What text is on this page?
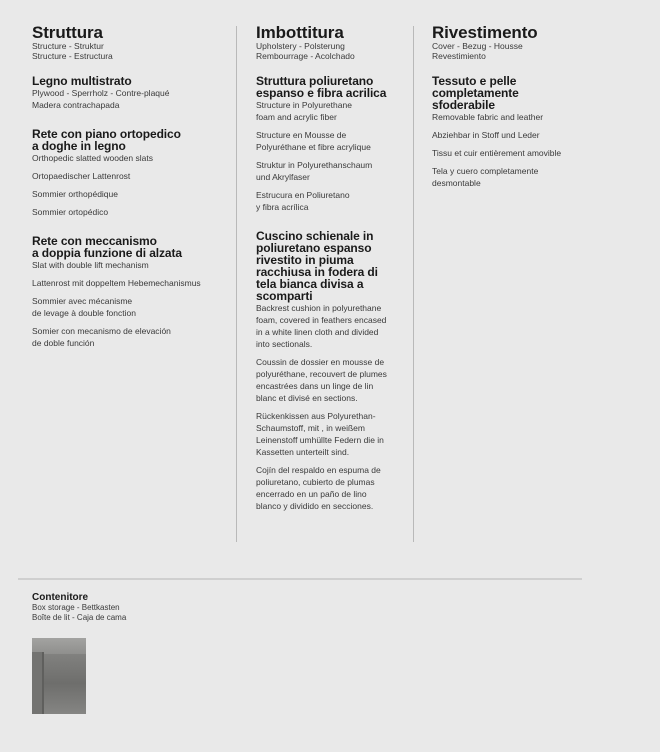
Struttura

Structure - Struktur

Structure - Estructura

Legno multistrato

Plywood - Sperrholz - Contre-plaqué

Madera contrachapada

Rete con piano ortopedico
a doghe in legno

Orthopedic slatted wooden slats

Ortopaedischer Lattenrost

Sommier orthopédique

Sommier ortopédico

Rete con meccanismo
a doppia funzione di alzata

Slat with double lift mechanism

Lattenrost mit doppeltem Hebemechanismus

Sommier avec mécanisme

de levage à double fonction

Somier con mecanismo de elevación

de doble función

Imbottitura

Upholstery - Polsterung

Rembourrage - Acolchado

Struttura poliuretano
espanso e fibra acrilica

Structure in Polyurethane

foam and acrylic fiber

Structure en Mousse de

Polyuréthane et fibre acrylique

Struktur in Polyurethanschaum

und Akrylfaser

Estrucura en Poliuretano

y fibra acrílica

Cuscino schienale in
poliuretano espanso
rivestito in piuma
racchiusa in fodera di
tela bianca divisa a
scomparti

Backrest cushion in polyurethane

foam, covered in feathers encased

in a white linen cloth and divided

into sectionals.

Coussin de dossier en mousse de

polyuréthane, recouvert de plumes

encastrées dans un linge de lin

blanc et divisé en sections.

Rückenkissen aus Polyurethan-

Schaumstoff, mit , in weißem

Leinenstoff umhüllte Federn die in

Kassetten unterteilt sind.

Cojín del respaldo en espuma de

poliuretano, cubierto de plumas

encerrado en un paño de lino

blanco y dividido en secciones.

Rivestimento

Cover - Bezug - Housse

Revestimiento

Tessuto e pelle
completamente
sfoderabile

Removable fabric and leather

Abziehbar in Stoff und Leder

Tissu et cuir entièrement amovible

Tela y cuero completamente

desmontable

Contenitore

Box storage - Bettkasten

Boîte de lit - Caja de cama
